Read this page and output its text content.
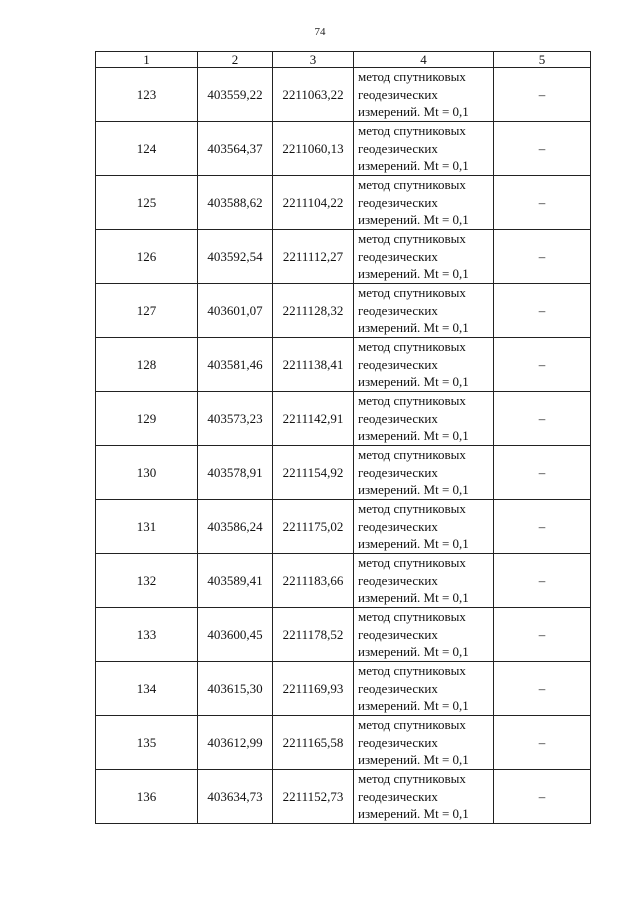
74
1	2	3	4	5
123	403559,22	2211063,22	метод спутниковых
геодезических
измерений. Mt = 0,1	–
124	403564,37	2211060,13	метод спутниковых
геодезических
измерений. Mt = 0,1	–
125	403588,62	2211104,22	метод спутниковых
геодезических
измерений. Mt = 0,1	–
126	403592,54	2211112,27	метод спутниковых
геодезических
измерений. Mt = 0,1	–
127	403601,07	2211128,32	метод спутниковых
геодезических
измерений. Mt = 0,1	–
128	403581,46	2211138,41	метод спутниковых
геодезических
измерений. Mt = 0,1	–
129	403573,23	2211142,91	метод спутниковых
геодезических
измерений. Mt = 0,1	–
130	403578,91	2211154,92	метод спутниковых
геодезических
измерений. Mt = 0,1	–
131	403586,24	2211175,02	метод спутниковых
геодезических
измерений. Mt = 0,1	–
132	403589,41	2211183,66	метод спутниковых
геодезических
измерений. Mt = 0,1	–
133	403600,45	2211178,52	метод спутниковых
геодезических
измерений. Mt = 0,1	–
134	403615,30	2211169,93	метод спутниковых
геодезических
измерений. Mt = 0,1	–
135	403612,99	2211165,58	метод спутниковых
геодезических
измерений. Mt = 0,1	–
136	403634,73	2211152,73	метод спутниковых
геодезических
измерений. Mt = 0,1	–
